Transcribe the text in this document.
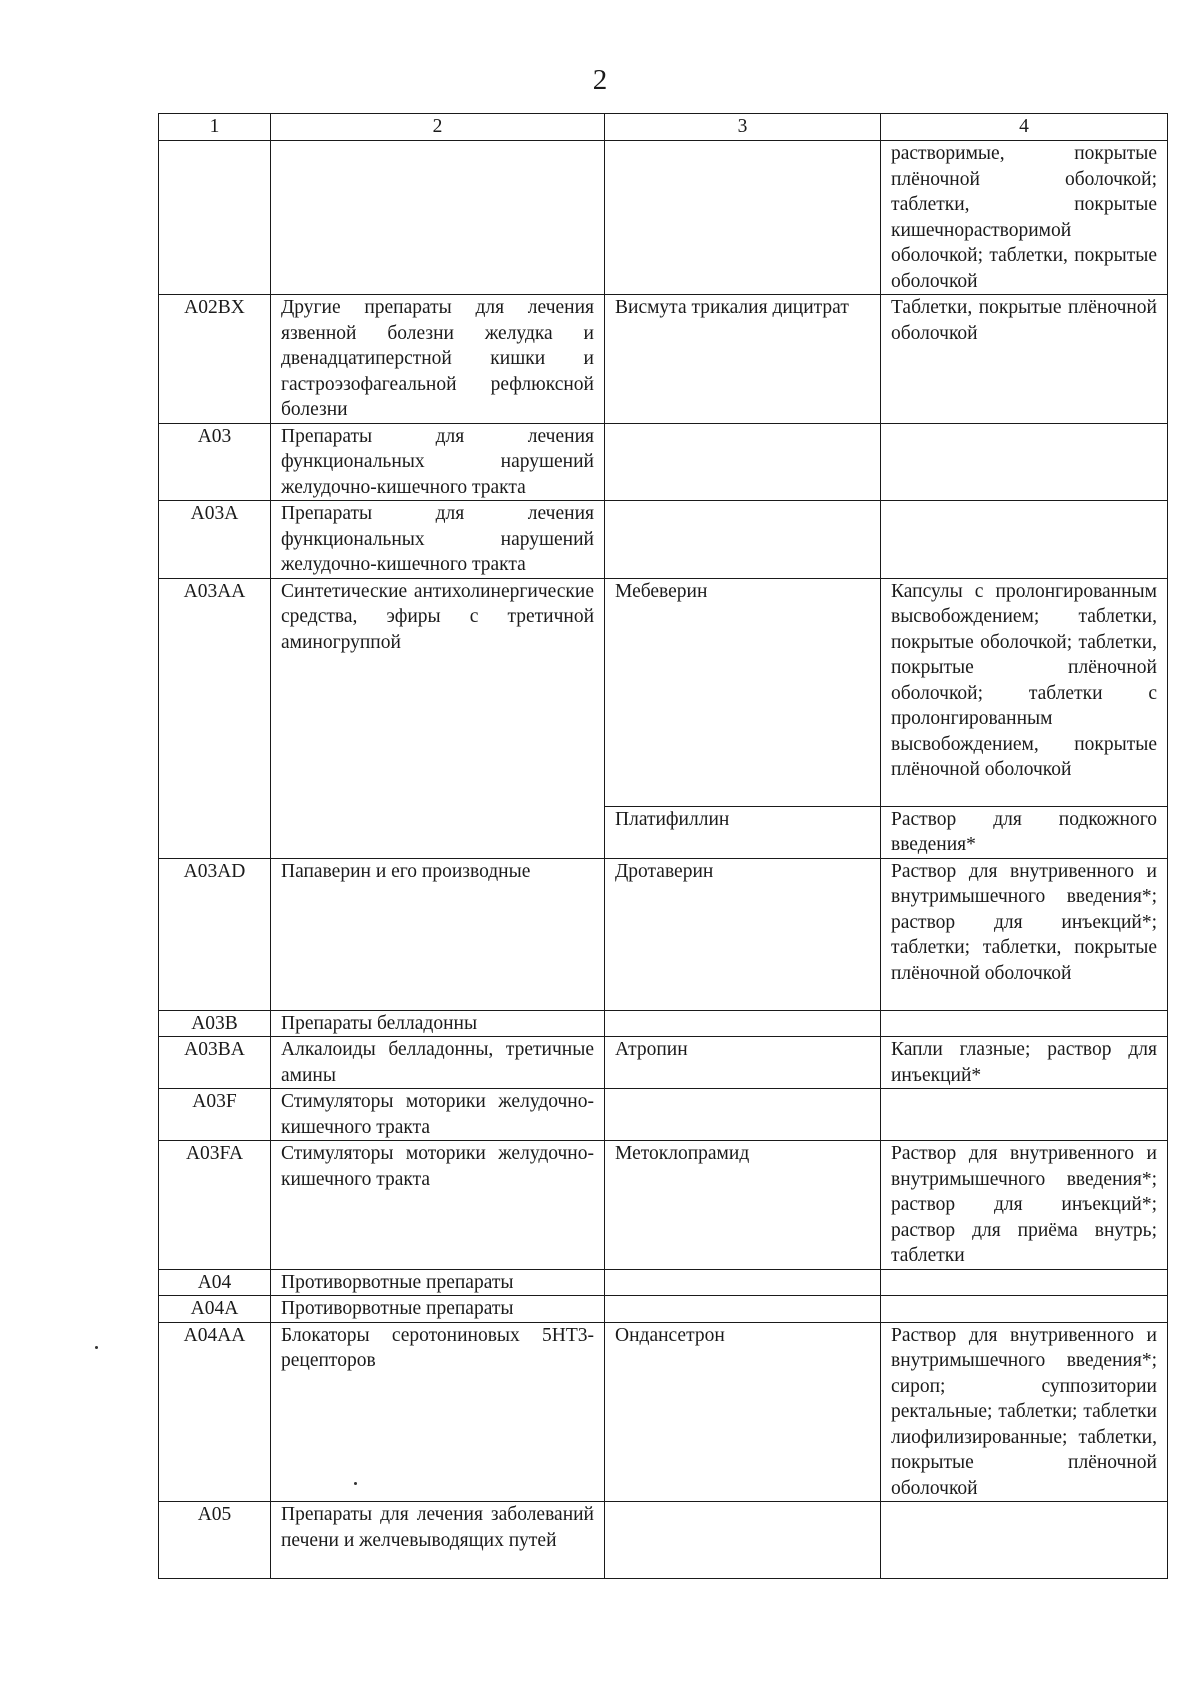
2
1	2	3	4
			растворимые, покрытые плёночной оболочкой; таблетки, покрытые кишечнорастворимой оболочкой; таблетки, покрытые оболочкой
A02BX	Другие препараты для лечения язвенной болезни желудка и двенадцатиперстной кишки и гастроэзофагеальной рефлюксной болезни	Висмута трикалия дицитрат	Таблетки, покрытые плёночной оболочкой
A03	Препараты для лечения функциональных нарушений желудочно-кишечного тракта		
A03A	Препараты для лечения функциональных нарушений желудочно-кишечного тракта		
A03AA	Синтетические антихолинергические средства, эфиры с третичной аминогруппой	Мебеверин	Капсулы с пролонгированным высвобождением; таблетки, покрытые оболочкой; таблетки, покрытые плёночной оболочкой; таблетки с пролонгированным высвобождением, покрытые плёночной оболочкой
		Платифиллин	Раствор для подкожного введения*
A03AD	Папаверин и его производные	Дротаверин	Раствор для внутривенного и внутримышечного введения*; раствор для инъекций*; таблетки; таблетки, покрытые плёночной оболочкой
A03B	Препараты белладонны		
A03BA	Алкалоиды белладонны, третичные амины	Атропин	Капли глазные; раствор для инъекций*
A03F	Стимуляторы моторики желудочно-кишечного тракта		
A03FA	Стимуляторы моторики желудочно-кишечного тракта	Метоклопрамид	Раствор для внутривенного и внутримышечного введения*; раствор для инъекций*; раствор для приёма внутрь; таблетки
A04	Противорвотные препараты		
A04A	Противорвотные препараты		
A04AA	Блокаторы серотониновых 5HT3-рецепторов	Ондансетрон	Раствор для внутривенного и внутримышечного введения*; сироп; суппозитории ректальные; таблетки; таблетки лиофилизированные; таблетки, покрытые плёночной оболочкой
A05	Препараты для лечения заболеваний печени и желчевыводящих путей		
